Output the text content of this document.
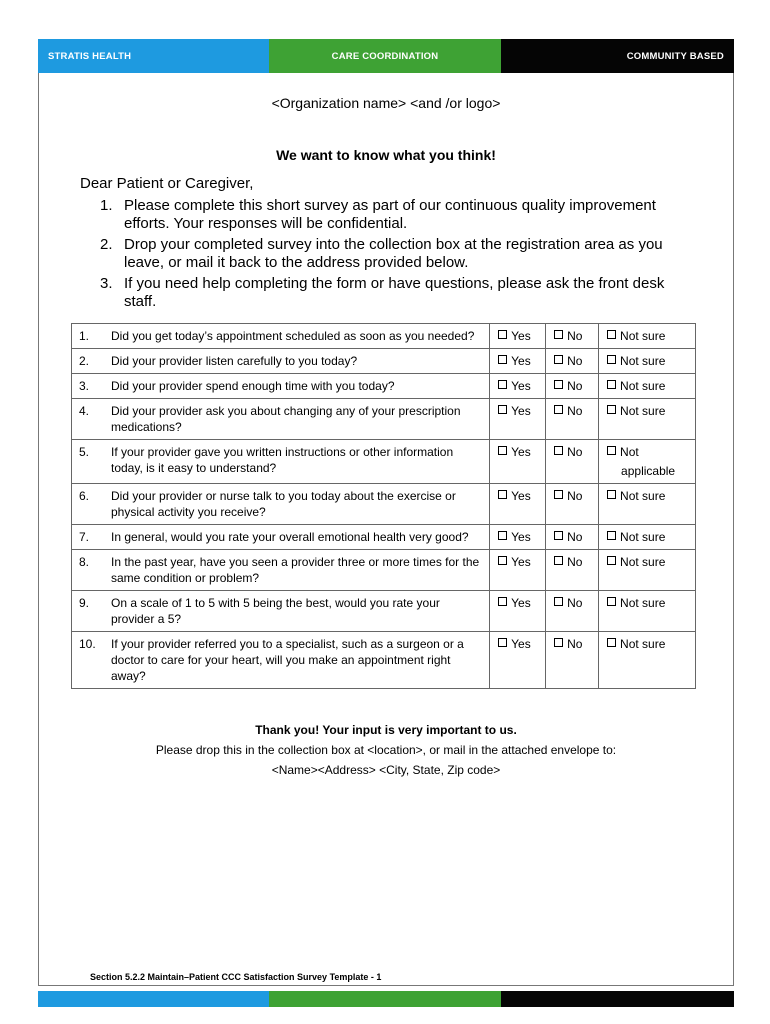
STRATIS HEALTH	CARE COORDINATION	COMMUNITY BASED
<Organization name> <and /or logo>
We want to know what you think!
Dear Patient or Caregiver,
1. Please complete this short survey as part of our continuous quality improvement efforts. Your responses will be confidential.
2. Drop your completed survey into the collection box at the registration area as you leave, or mail it back to the address provided below.
3. If you need help completing the form or have questions, please ask the front desk staff.
1. Did you get today’s appointment scheduled as soon as you needed?	Yes	No	Not sure

2. Did your provider listen carefully to you today?	Yes	No	Not sure

3. Did your provider spend enough time with you today?	Yes	No	Not sure

4. Did your provider ask you about changing any of your prescription medications?	Yes	No	Not sure

5. If your provider gave you written instructions or other information today, is it easy to understand?	Yes	No	Not
applicable

6. Did your provider or nurse talk to you today about the exercise or physical activity you receive?	Yes	No	Not sure

7. In general, would you rate your overall emotional health very good?	Yes	No	Not sure

8. In the past year, have you seen a provider three or more times for the same condition or problem?	Yes	No	Not sure

9. On a scale of 1 to 5 with 5 being the best, would you rate your provider a 5?	Yes	No	Not sure

10. If your provider referred you to a specialist, such as a surgeon or a doctor to care for your heart, will you make an appointment right away?	Yes	No	Not sure
Thank you! Your input is very important to us.
Please drop this in the collection box at <location>, or mail in the attached envelope to:
<Name><Address> <City, State, Zip code>
Section 5.2.2 Maintain–Patient CCC Satisfaction Survey Template - 1
